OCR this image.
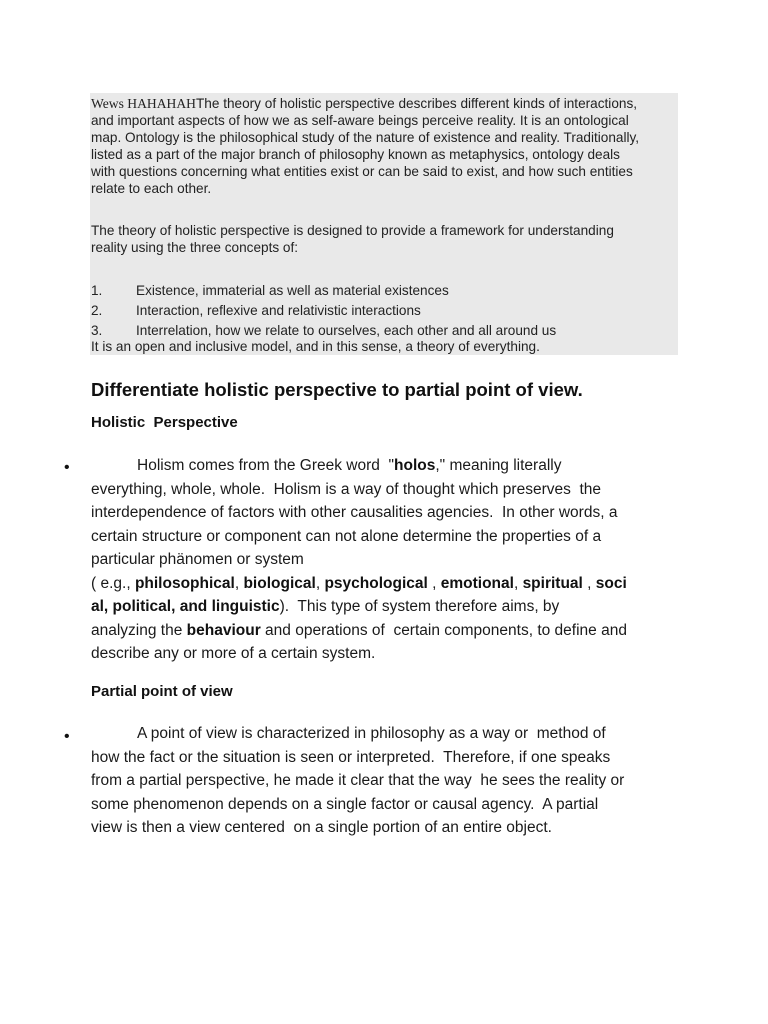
Wews HAHAHAHThe theory of holistic perspective describes different kinds of interactions,
and important aspects of how we as self-aware beings perceive reality. It is an ontological
map. Ontology is the philosophical study of the nature of existence and reality. Traditionally,
listed as a part of the major branch of philosophy known as metaphysics, ontology deals
with questions concerning what entities exist or can be said to exist, and how such entities
relate to each other.

The theory of holistic perspective is designed to provide a framework for understanding
reality using the three concepts of:

1. Existence, immaterial as well as material existences
2. Interaction, reflexive and relativistic interactions
3. Interrelation, how we relate to ourselves, each other and all around us

It is an open and inclusive model, and in this sense, a theory of everything.

Differentiate holistic perspective to partial point of view.
Holistic  Perspective
•	Holism comes from the Greek word  "holos," meaning literally
everything, whole, whole.  Holism is a way of thought which preserves  the
interdependence of factors with other causalities agencies.  In other words, a
certain structure or component can not alone determine the properties of a
particular phänomen or system
( e.g., philosophical, biological, psychological , emotional, spiritual , soci
al, political, and linguistic).  This type of system therefore aims, by
analyzing the behaviour and operations of  certain components, to define and
describe any or more of a certain system.

Partial point of view
•	A point of view is characterized in philosophy as a way or  method of
how the fact or the situation is seen or interpreted.  Therefore, if one speaks
from a partial perspective, he made it clear that the way  he sees the reality or
some phenomenon depends on a single factor or causal agency.  A partial
view is then a view centered  on a single portion of an entire object.
